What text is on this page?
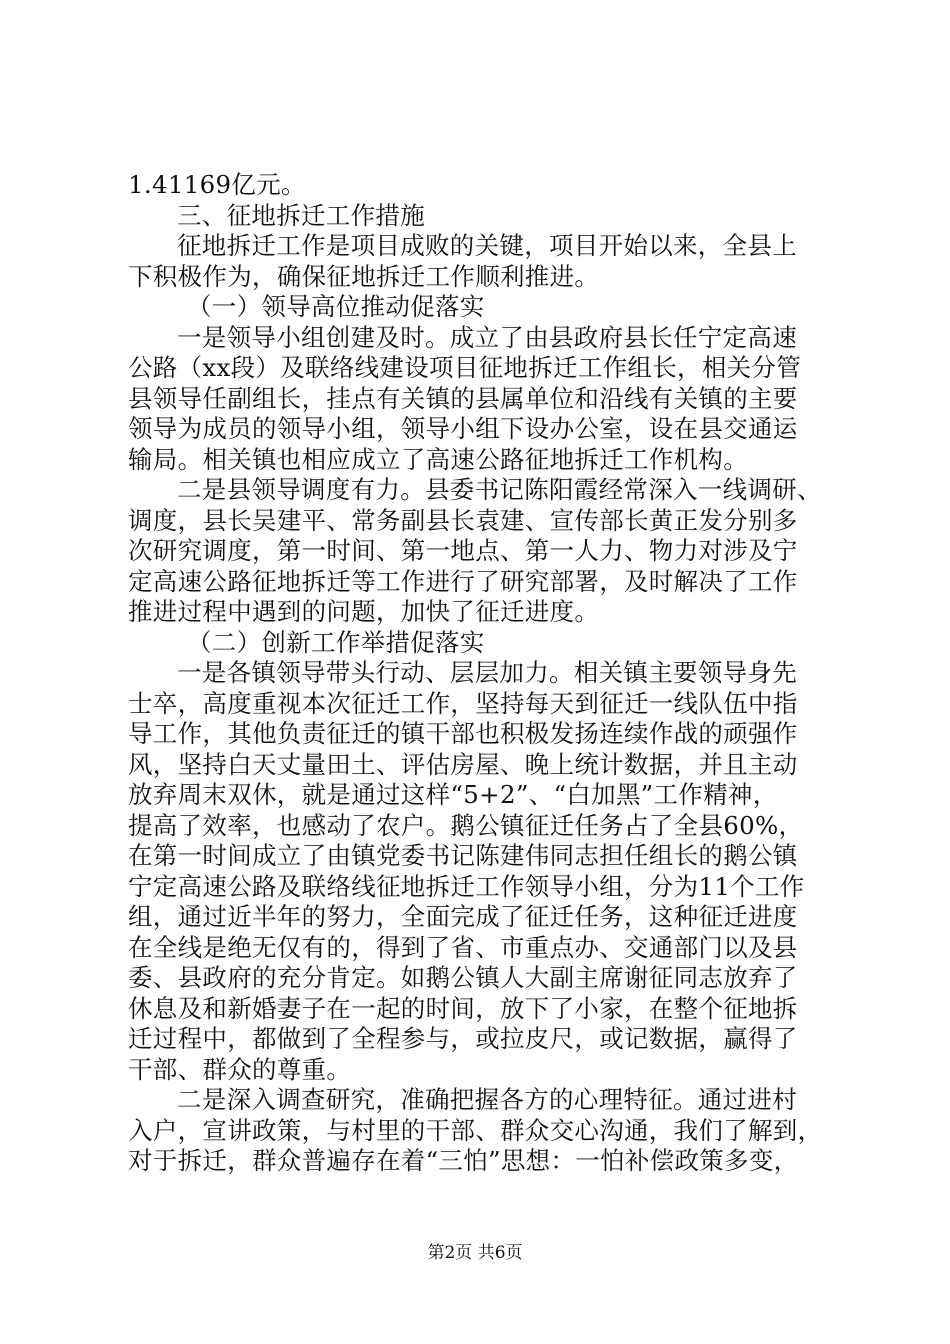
1.41169亿元。
三、征地拆迁工作措施
征地拆迁工作是项目成败的关键，项目开始以来，全县上
下积极作为，确保征地拆迁工作顺利推进。
（一）领导高位推动促落实
一是领导小组创建及时。成立了由县政府县长任宁定高速
公路（xx段）及联络线建设项目征地拆迁工作组长，相关分管
县领导任副组长，挂点有关镇的县属单位和沿线有关镇的主要
领导为成员的领导小组，领导小组下设办公室，设在县交通运
输局。相关镇也相应成立了高速公路征地拆迁工作机构。
二是县领导调度有力。县委书记陈阳霞经常深入一线调研、
调度，县长吴建平、常务副县长袁建、宣传部长黄正发分别多
次研究调度，第一时间、第一地点、第一人力、物力对涉及宁
定高速公路征地拆迁等工作进行了研究部署，及时解决了工作
推进过程中遇到的问题，加快了征迁进度。
（二）创新工作举措促落实
一是各镇领导带头行动、层层加力。相关镇主要领导身先
士卒，高度重视本次征迁工作，坚持每天到征迁一线队伍中指
导工作，其他负责征迁的镇干部也积极发扬连续作战的顽强作
风，坚持白天丈量田土、评估房屋、晚上统计数据，并且主动
放弃周末双休，就是通过这样“5+2”、“白加黑”工作精神，
提高了效率，也感动了农户。鹅公镇征迁任务占了全县60%，
在第一时间成立了由镇党委书记陈建伟同志担任组长的鹅公镇
宁定高速公路及联络线征地拆迁工作领导小组，分为11个工作
组，通过近半年的努力，全面完成了征迁任务，这种征迁进度
在全线是绝无仅有的，得到了省、市重点办、交通部门以及县
委、县政府的充分肯定。如鹅公镇人大副主席谢征同志放弃了
休息及和新婚妻子在一起的时间，放下了小家，在整个征地拆
迁过程中，都做到了全程参与，或拉皮尺，或记数据，赢得了
干部、群众的尊重。
二是深入调查研究，准确把握各方的心理特征。通过进村
入户，宣讲政策，与村里的干部、群众交心沟通，我们了解到，
对于拆迁，群众普遍存在着“三怕”思想：一怕补偿政策多变，
第2页 共6页
